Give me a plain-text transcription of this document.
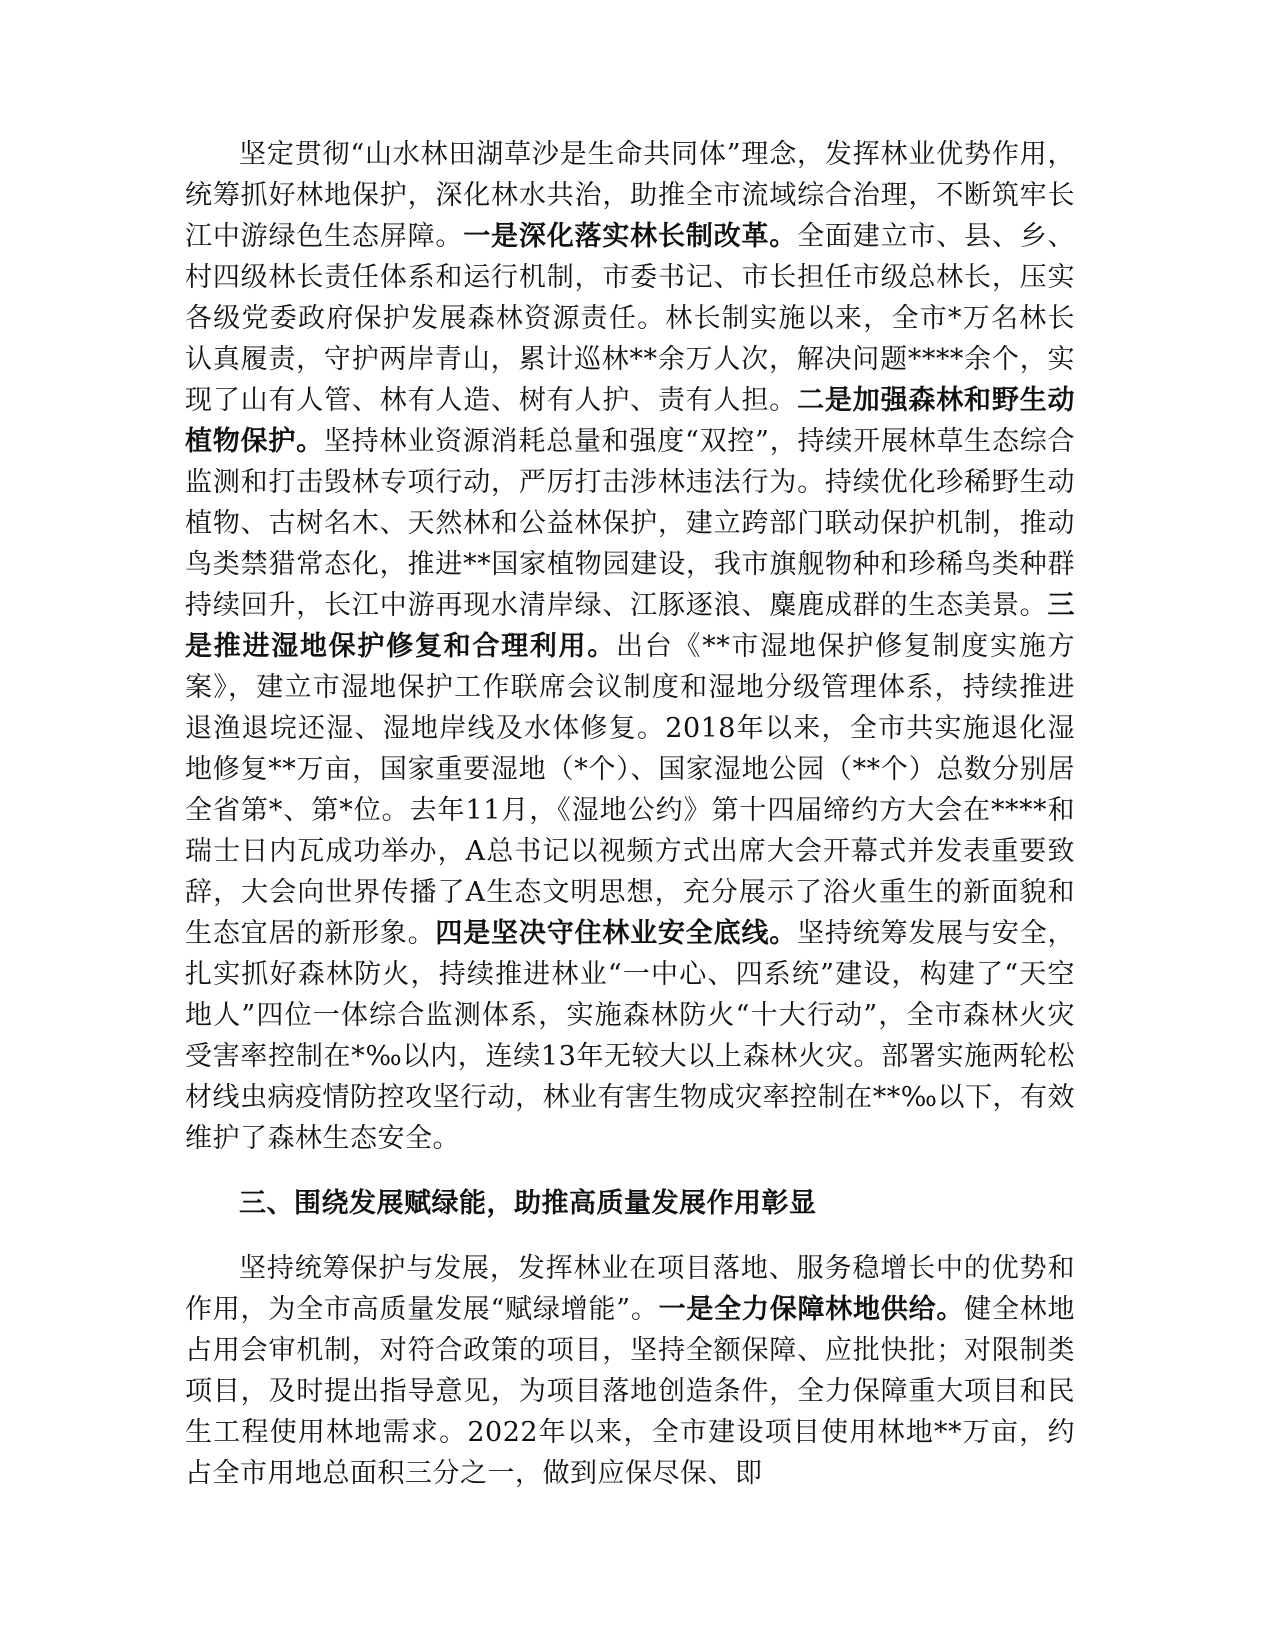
坚定贯彻“山水林田湖草沙是生命共同体”理念，发挥林业优势作用，统筹抓好林地保护，深化林水共治，助推全市流域综合治理，不断筑牢长江中游绿色生态屏障。一是深化落实林长制改革。全面建立市、县、乡、村四级林长责任体系和运行机制，市委书记、市长担任市级总林长，压实各级党委政府保护发展森林资源责任。林长制实施以来，全市*万名林长认真履责，守护两岸青山，累计巡林**余万人次，解决问题****余个，实现了山有人管、林有人造、树有人护、责有人担。二是加强森林和野生动植物保护。坚持林业资源消耗总量和强度“双控”，持续开展林草生态综合监测和打击毁林专项行动，严厉打击涉林违法行为。持续优化珍稀野生动植物、古树名木、天然林和公益林保护，建立跨部门联动保护机制，推动鸟类禁猎常态化，推进**国家植物园建设，我市旗舰物种和珍稀鸟类种群持续回升，长江中游再现水清岸绿、江豚逐浪、麋鹿成群的生态美景。三是推进湿地保护修复和合理利用。出台《**市湿地保护修复制度实施方案》，建立市湿地保护工作联席会议制度和湿地分级管理体系，持续推进退渔退垸还湿、湿地岸线及水体修复。2018年以来，全市共实施退化湿地修复**万亩，国家重要湿地（*个）、国家湿地公园（**个）总数分别居全省第*、第*位。去年11月，《湿地公约》第十四届缔约方大会在****和瑞士日内瓦成功举办，A总书记以视频方式出席大会开幕式并发表重要致辞，大会向世界传播了A生态文明思想，充分展示了浴火重生的新面貌和生态宜居的新形象。四是坚决守住林业安全底线。坚持统筹发展与安全，扎实抓好森林防火，持续推进林业“一中心、四系统”建设，构建了“天空地人”四位一体综合监测体系，实施森林防火“十大行动”，全市森林火灾受害率控制在*‰以内，连续13年无较大以上森林火灾。部署实施两轮松材线虫病疫情防控攻坚行动，林业有害生物成灾率控制在**‰以下，有效维护了森林生态安全。

三、围绕发展赋绿能，助推高质量发展作用彰显

坚持统筹保护与发展，发挥林业在项目落地、服务稳增长中的优势和作用，为全市高质量发展“赋绿增能”。一是全力保障林地供给。健全林地占用会审机制，对符合政策的项目，坚持全额保障、应批快批；对限制类项目，及时提出指导意见，为项目落地创造条件，全力保障重大项目和民生工程使用林地需求。2022年以来，全市建设项目使用林地**万亩，约占全市用地总面积三分之一，做到应保尽保、即
